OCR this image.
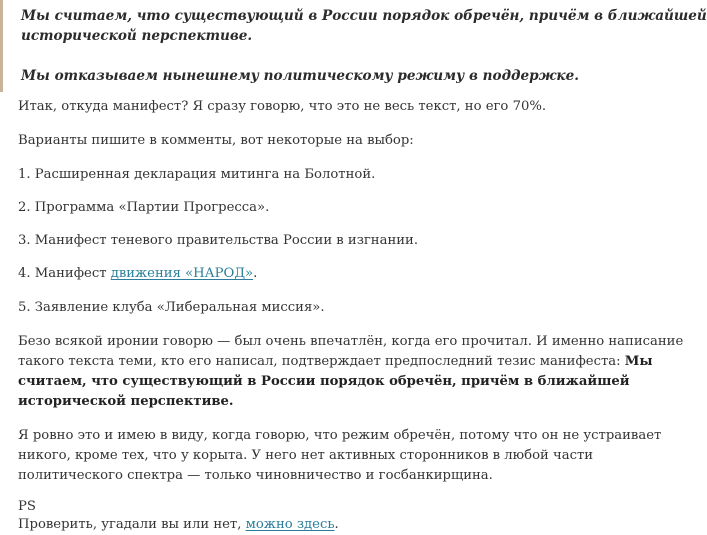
Мы считаем, что существующий в России порядок обречён, причём в ближайшей
исторической перспективе.
Мы отказываем нынешнему политическому режиму в поддержке.
Итак, откуда манифест? Я сразу говорю, что это не весь текст, но его 70%.
Варианты пишите в комменты, вот некоторые на выбор:
1. Расширенная декларация митинга на Болотной.
2. Программа «Партии Прогресса».
3. Манифест теневого правительства России в изгнании.
4. Манифест движения «НАРОД».
5. Заявление клуба «Либеральная миссия».
Безо всякой иронии говорю — был очень впечатлён, когда его прочитал. И именно написание
такого текста теми, кто его написал, подтверждает предпоследний тезис манифеста: Мы
считаем, что существующий в России порядок обречён, причём в ближайшей
исторической перспективе.
Я ровно это и имею в виду, когда говорю, что режим обречён, потому что он не устраивает
никого, кроме тех, что у корыта. У него нет активных сторонников в любой части
политического спектра — только чиновничество и госбанкирщина.
PS
Проверить, угадали вы или нет, можно здесь.
